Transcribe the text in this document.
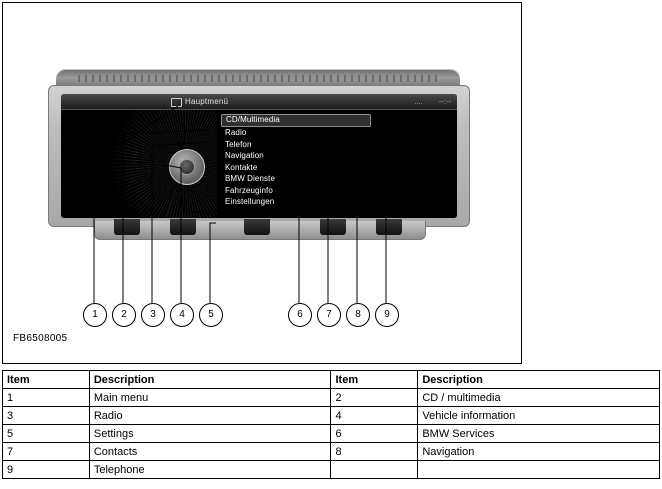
Hauptmenü	.... --:--
CD/Multimedia
Radio
Telefon
Navigation
Kontakte
BMW Dienste
Fahrzeuginfo
Einstellungen
1	2	3	4	5	6	7	8	9
FB6508005
Item	Description	Item	Description
1	Main menu	2	CD / multimedia
3	Radio	4	Vehicle information
5	Settings	6	BMW Services
7	Contacts	8	Navigation
9	Telephone		
